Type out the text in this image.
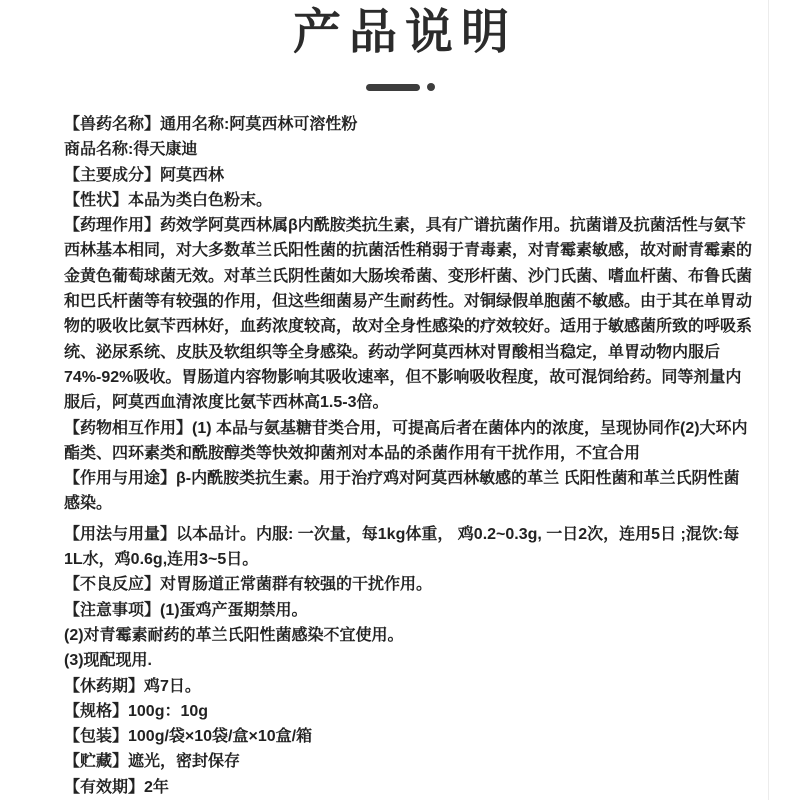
产品说明

【兽药名称】通用名称:阿莫西林可溶性粉

商品名称:得天康迪

【主要成分】阿莫西林

【性状】本品为类白色粉末。

【药理作用】药效学阿莫西林属β内酰胺类抗生素，具有广谱抗菌作用。抗菌谱及抗菌活性与氨苄西林基本相同，对大多数革兰氏阳性菌的抗菌活性稍弱于青毒素，对青霉素敏感，故对耐青霉素的金黄色葡萄球菌无效。对革兰氏阴性菌如大肠埃希菌、变形杆菌、沙门氏菌、嗜血杆菌、布鲁氏菌和巴氏杆菌等有较强的作用，但这些细菌易产生耐药性。对铜绿假单胞菌不敏感。由于其在单胃动物的吸收比氨苄西林好，血药浓度较高，故对全身性感染的疗效较好。适用于敏感菌所致的呼吸系统、泌尿系统、皮肤及软组织等全身感染。药动学阿莫西林对胃酸相当稳定，单胃动物内服后74%-92%吸收。胃肠道内容物影响其吸收速率，但不影响吸收程度，故可混饲给药。同等剂量内服后，阿莫西血清浓度比氨苄西林高1.5-3倍。

【药物相互作用】(1) 本品与氨基糖苷类合用，可提高后者在菌体内的浓度，呈现协同作(2)大环内酯类、四环素类和酰胺醇类等快效抑菌剂对本品的杀菌作用有干扰作用，不宜合用

【作用与用途】β-内酰胺类抗生素。用于治疗鸡对阿莫西林敏感的革兰 氏阳性菌和革兰氏阴性菌感染。

【用法与用量】以本品计。内服: 一次量，每1kg体重， 鸡0.2~0.3g, 一日2次，连用5日 ;混饮:每1L水，鸡0.6g,连用3~5日。

【不良反应】对胃肠道正常菌群有较强的干扰作用。

【注意事项】(1)蛋鸡产蛋期禁用。

(2)对青霉素耐药的革兰氏阳性菌感染不宜使用。

(3)现配现用.

【休药期】鸡7日。

【规格】100g：10g

【包装】100g/袋×10袋/盒×10盒/箱

【贮藏】遮光，密封保存

【有效期】2年
